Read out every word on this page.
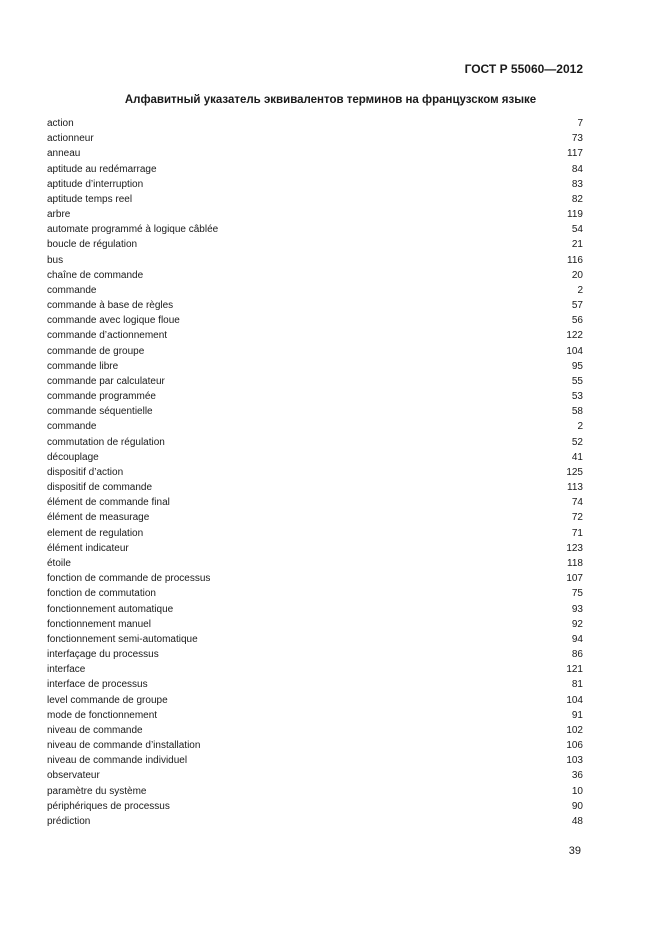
ГОСТ Р 55060—2012
Алфавитный указатель эквивалентов терминов на французском языке
action	7
actionneur	73
anneau	117
aptitude au redémarrage	84
aptitude d’interruption	83
aptitude temps reel	82
arbre	119
automate programmé à logique câblée	54
boucle de régulation	21
bus	116
chaîne de commande	20
commande	2
commande à base de règles	57
commande avec logique floue	56
commande d’actionnement	122
commande de groupe	104
commande libre	95
commande par calculateur	55
commande programmée	53
commande séquentielle	58
commande	2
commutation de régulation	52
découplage	41
dispositif d’action	125
dispositif de commande	113
élément de commande final	74
élément de measurage	72
element de regulation	71
élément indicateur	123
étoile	118
fonction de commande de processus	107
fonction de commutation	75
fonctionnement automatique	93
fonctionnement manuel	92
fonctionnement semi-automatique	94
interfaçage du processus	86
interface	121
interface de processus	81
level commande de groupe	104
mode de fonctionnement	91
niveau de commande	102
niveau de commande d’installation	106
niveau de commande individuel	103
observateur	36
paramètre du système	10
périphériques de processus	90
prédiction	48
39
